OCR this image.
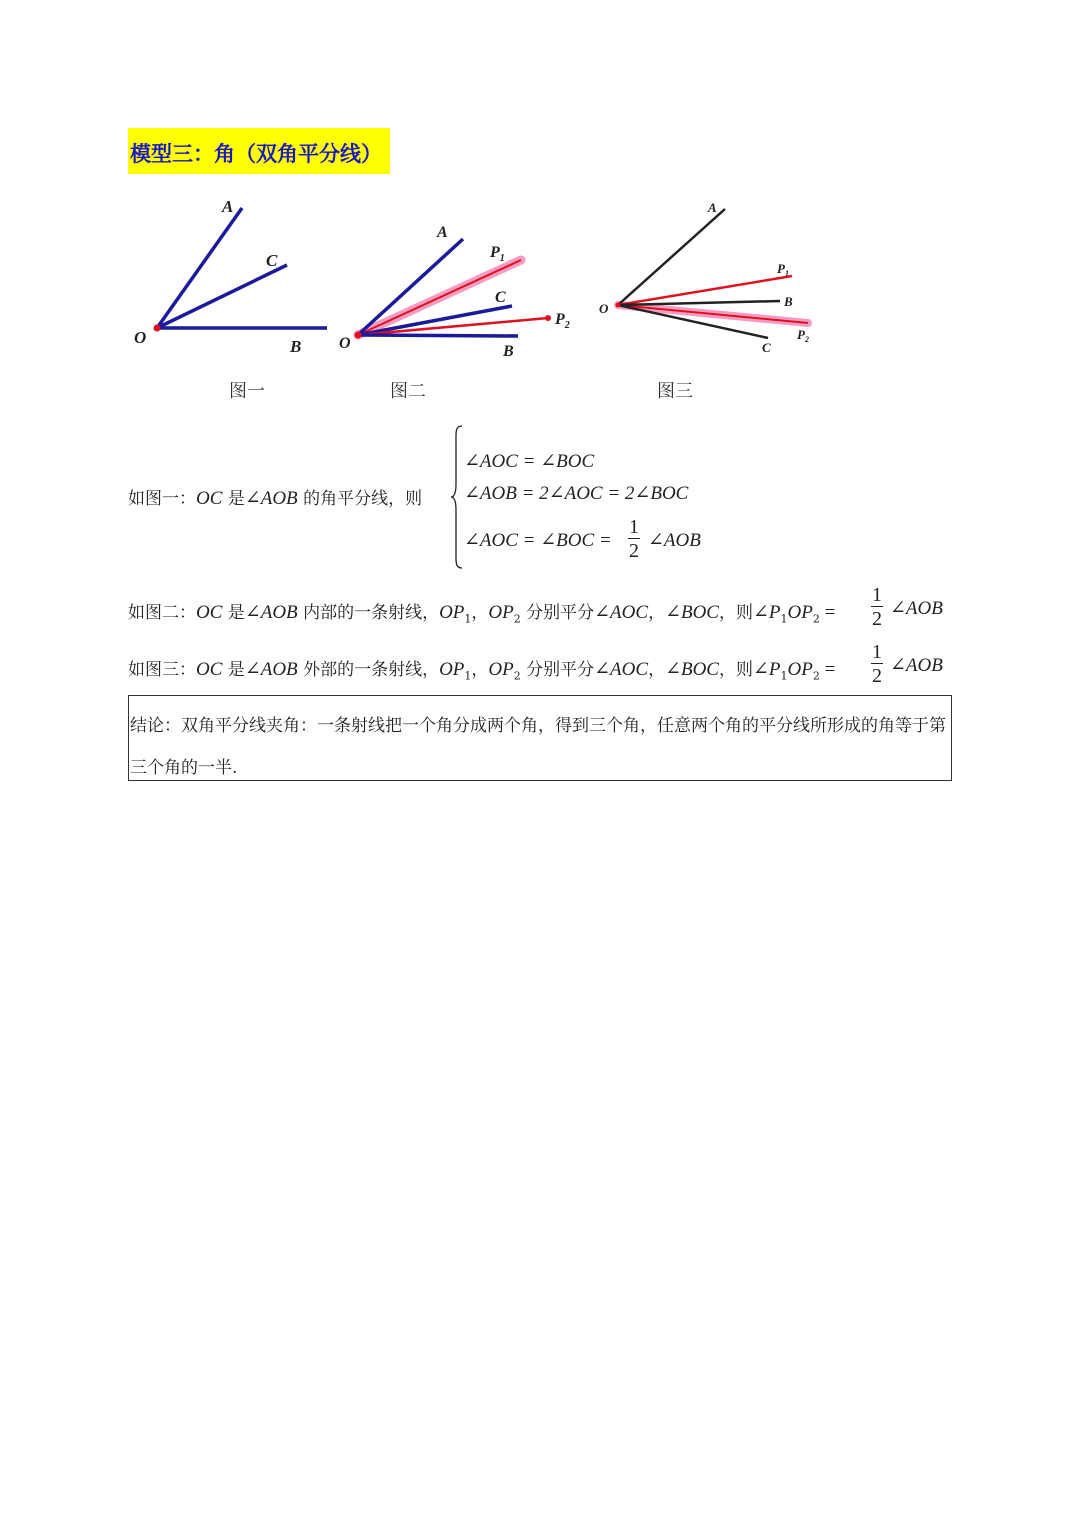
模型三：角（双角平分线）
A
C
O	B
A
$P_1$
C
$P_2$
O	B
A
$P_1$
B
O
$P_2$
C
图一	图二	图三
如图一：OC 是∠AOB 的角平分线，则
∠AOC = ∠BOC
∠AOB = 2∠AOC = 2∠BOC
∠AOC = ∠BOC = $\frac{1}{2}$ ∠AOB
如图二：OC 是∠AOB 内部的一条射线，$OP_1$，$OP_2$ 分别平分∠AOC，∠BOC，则$\angle P_1OP_2 = \frac{1}{2}$ ∠AOB
如图三：OC 是∠AOB 外部的一条射线，$OP_1$，$OP_2$ 分别平分∠AOC，∠BOC，则$\angle P_1OP_2 = \frac{1}{2}$ ∠AOB
结论：双角平分线夹角：一条射线把一个角分成两个角，得到三个角，任意两个角的平分线所形成的角等于第三个角的一半.
